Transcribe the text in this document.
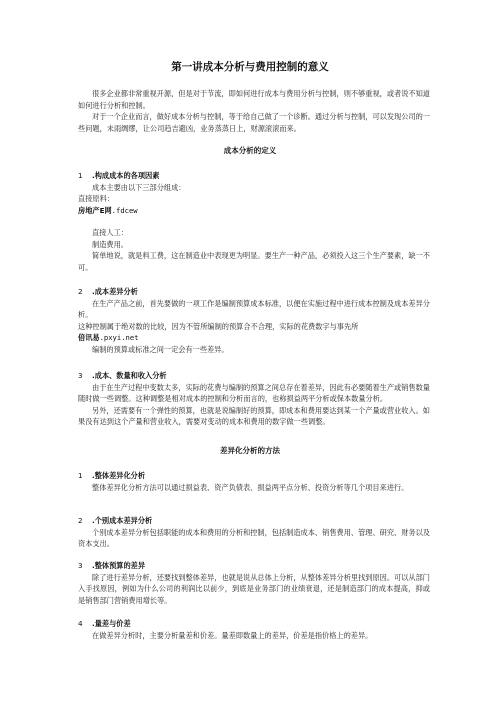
第一讲成本分析与费用控制的意义

很多企业都非常重视开源，但是对于节流，即如何进行成本与费用分析与控制，则不够重视，或者说不知道如何进行分析和控制。

对于一个企业而言，做好成本分析与控制，等于给自己做了一个诊断。通过分析与控制，可以发现公司的一些问题，未雨绸缪，让公司趋吉避凶，业务蒸蒸日上，财源滚滚而来。

成本分析的定义

1 .构成成本的各项因素

成本主要由以下三部分组成：

直接原料：

房地产E网.fdcew

直接人工：

制造费用。

简单地说，就是料工费，这在制造业中表现更为明显。要生产一种产品，必须投入这三个生产要素，缺一不可。

2 .成本差异分析

在生产产品之前，首先要做的一项工作是编制预算成本标准，以便在实施过程中进行成本控制及成本差异分析。

这种控制属于绝对数的比较，因为不管所编制的预算合不合理，实际的花费数字与事先所

倍讯易.pxyi.net

编制的预算或标准之间一定会有一些差异。

3 .成本、数量和收入分析

由于在生产过程中变数太多，实际的花费与编制的预算之间总存在着差异，因此有必要随着生产或销售数量随时做一些调整。这种调整是相对成本的控制和分析而言的，也称损益两平分析或保本数量分析。

另外，还需要有一个弹性的预算，也就是说编制好的预算，即成本和费用要达到某一个产量或营业收入。如果没有达到这个产量和营业收入，需要对变动的成本和费用的数字做一些调整。

差异化分析的方法

1 .整体差异化分析

整体差异化分析方法可以通过损益表、资产负债表、损益两平点分析、投资分析等几个项目来进行。

2 .个别成本差异分析

个别成本差异分析包括职能的成本和费用的分析和控制，包括制造成本、销售费用、管理、研究、财务以及资本支出。

3 .整体预算的差异

除了进行差异分析，还要找到整体差异，也就是说从总体上分析，从整体差异分析里找到原因。可以从部门入手找原因，例如为什么公司的利润比以前少，到底是业务部门的业绩衰退，还是制造部门的成本提高，抑或是销售部门营销费用增长等。

4 .量差与价差

在做差异分析时，主要分析量差和价差。量差即数量上的差异，价差是指价格上的差异。
